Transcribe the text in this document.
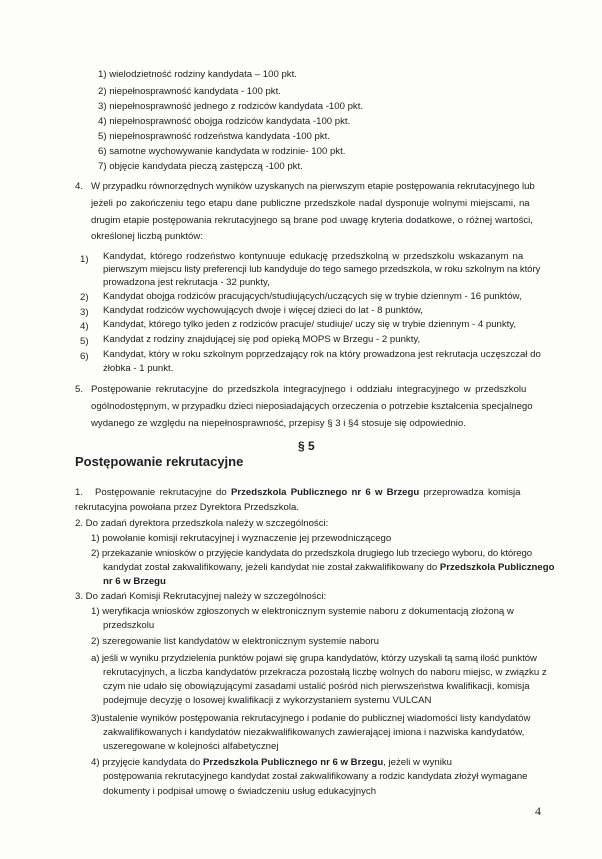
1) wielodzietność rodziny kandydata – 100 pkt.
2) niepełnosprawność kandydata - 100 pkt.
3) niepełnosprawność jednego z rodziców kandydata -100 pkt.
4) niepełnosprawność obojga rodziców kandydata -100 pkt.
5) niepełnosprawność rodzeństwa kandydata -100 pkt.
6) samotne wychowywanie kandydata w rodzinie- 100 pkt.
7) objęcie kandydata pieczą zastępczą -100 pkt.
4. W przypadku równorzędnych wyników uzyskanych na pierwszym etapie postępowania rekrutacyjnego lub
jeżeli po zakończeniu tego etapu dane publiczne przedszkole nadal dysponuje wolnymi miejscami, na
drugim etapie postępowania rekrutacyjnego są brane pod uwagę kryteria dodatkowe, o różnej wartości,
określonej liczbą punktów:
1) Kandydat, którego rodzeństwo kontynuuje edukację przedszkolną w przedszkolu wskazanym na
pierwszym miejscu listy preferencji lub kandyduje do tego samego przedszkola, w roku szkolnym na który
prowadzona jest rekrutacja - 32 punkty,
2) Kandydat obojga rodziców pracujących/studiujących/uczących się w trybie dziennym - 16 punktów,
3) Kandydat rodziców wychowujących dwoje i więcej dzieci do lat - 8 punktów,
4) Kandydat, którego tylko jeden z rodziców pracuje/ studiuje/ uczy się w trybie dziennym - 4 punkty,
5) Kandydat z rodziny znajdującej się pod opieką MOPS w Brzegu - 2 punkty,
6) Kandydat, który w roku szkolnym poprzedzający rok na który prowadzona jest rekrutacja uczęszczał do
żłobka - 1 punkt.
5. Postępowanie rekrutacyjne do przedszkola integracyjnego i oddziału integracyjnego w przedszkolu
ogólnodostępnym, w przypadku dzieci nieposiadających orzeczenia o potrzebie kształcenia specjalnego
wydanego ze względu na niepełnosprawność, przepisy § 3 i §4 stosuje się odpowiednio.
§ 5
Postępowanie rekrutacyjne
1. Postępowanie rekrutacyjne do Przedszkola Publicznego nr 6 w Brzegu przeprowadza komisja
rekrutacyjna powołana przez Dyrektora Przedszkola.
2. Do zadań dyrektora przedszkola należy w szczególności:
1) powołanie komisji rekrutacyjnej i wyznaczenie jej przewodniczącego
2) przekazanie wniosków o przyjęcie kandydata do przedszkola drugiego lub trzeciego wyboru, do którego
kandydat został zakwalifikowany, jeżeli kandydat nie został zakwalifikowany do Przedszkola Publicznego
nr 6 w Brzegu
3. Do zadań Komisji Rekrutacyjnej należy w szczególności:
1) weryfikacja wniosków zgłoszonych w elektronicznym systemie naboru z dokumentacją złożoną w
przedszkolu
2) szeregowanie list kandydatów w elektronicznym systemie naboru
a) jeśli w wyniku przydzielenia punktów pojawi się grupa kandydatów, którzy uzyskali tą samą ilość punktów
rekrutacyjnych, a liczba kandydatów przekracza pozostałą liczbę wolnych do naboru miejsc, w związku z
czym nie udało się obowiązującymi zasadami ustalić pośród nich pierwszeństwa kwalifikacji, komisja
podejmuje decyzję o losowej kwalifikacji z wykorzystaniem systemu VULCAN
3)ustalenie wyników postępowania rekrutacyjnego i podanie do publicznej wiadomości listy kandydatów
zakwalifikowanych i kandydatów niezakwalifikowanych zawierającej imiona i nazwiska kandydatów,
uszeregowane w kolejności alfabetycznej
4) przyjęcie kandydata do Przedszkola Publicznego nr 6 w Brzegu, jeżeli w wyniku
postępowania rekrutacyjnego kandydat został zakwalifikowany a rodzic kandydata złożył wymagane
dokumenty i podpisał umowę o świadczeniu usług edukacyjnych
4
